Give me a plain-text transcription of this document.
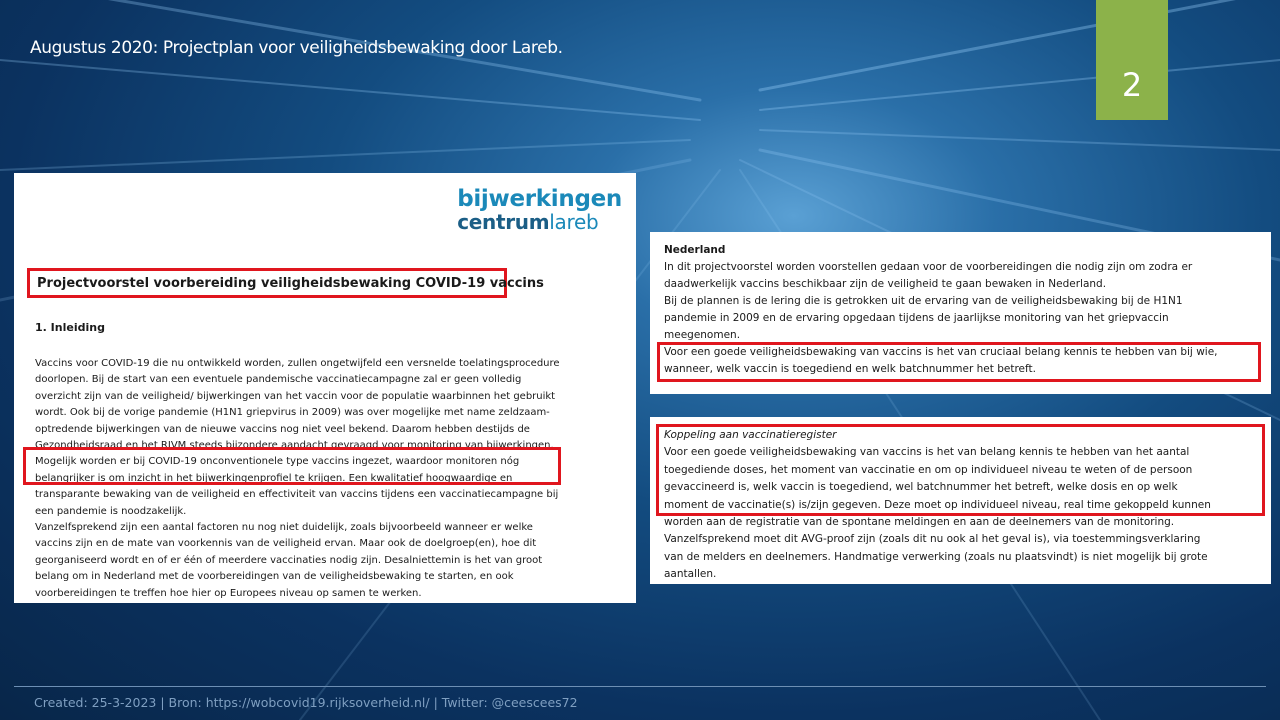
Augustus 2020: Projectplan voor veiligheidsbewaking door Lareb.
2
bijwerkingen
centrumlareb
Projectvoorstel voorbereiding veiligheidsbewaking COVID-19 vaccins
1. Inleiding

Vaccins voor COVID-19 die nu ontwikkeld worden, zullen ongetwijfeld een versnelde toelatingsprocedure

doorlopen. Bij de start van een eventuele pandemische vaccinatiecampagne zal er geen volledig

overzicht zijn van de veiligheid/ bijwerkingen van het vaccin voor de populatie waarbinnen het gebruikt

wordt. Ook bij de vorige pandemie (H1N1 griepvirus in 2009) was over mogelijke met name zeldzaam-

optredende bijwerkingen van de nieuwe vaccins nog niet veel bekend. Daarom hebben destijds de

Gezondheidsraad en het RIVM steeds bijzondere aandacht gevraagd voor monitoring van bijwerkingen.

Mogelijk worden er bij COVID-19 onconventionele type vaccins ingezet, waardoor monitoren nóg

belangrijker is om inzicht in het bijwerkingenprofiel te krijgen. Een kwalitatief hoogwaardige en

transparante bewaking van de veiligheid en effectiviteit van vaccins tijdens een vaccinatiecampagne bij

een pandemie is noodzakelijk.

Vanzelfsprekend zijn een aantal factoren nu nog niet duidelijk, zoals bijvoorbeeld wanneer er welke

vaccins zijn en de mate van voorkennis van de veiligheid ervan. Maar ook de doelgroep(en), hoe dit

georganiseerd wordt en of er één of meerdere vaccinaties nodig zijn. Desalniettemin is het van groot

belang om in Nederland met de voorbereidingen van de veiligheidsbewaking te starten, en ook

voorbereidingen te treffen hoe hier op Europees niveau op samen te werken.

Nederland

In dit projectvoorstel worden voorstellen gedaan voor de voorbereidingen die nodig zijn om zodra er

daadwerkelijk vaccins beschikbaar zijn de veiligheid te gaan bewaken in Nederland.

Bij de plannen is de lering die is getrokken uit de ervaring van de veiligheidsbewaking bij de H1N1

pandemie in 2009 en de ervaring opgedaan tijdens de jaarlijkse monitoring van het griepvaccin

meegenomen.

Voor een goede veiligheidsbewaking van vaccins is het van cruciaal belang kennis te hebben van bij wie,

wanneer, welk vaccin is toegediend en welk batchnummer het betreft.

Koppeling aan vaccinatieregister

Voor een goede veiligheidsbewaking van vaccins is het van belang kennis te hebben van het aantal

toegediende doses, het moment van vaccinatie en om op individueel niveau te weten of de persoon

gevaccineerd is, welk vaccin is toegediend, wel batchnummer het betreft, welke dosis en op welk

moment de vaccinatie(s) is/zijn gegeven. Deze moet op individueel niveau, real time gekoppeld kunnen

worden aan de registratie van de spontane meldingen en aan de deelnemers van de monitoring.

Vanzelfsprekend moet dit AVG-proof zijn (zoals dit nu ook al het geval is), via toestemmingsverklaring

van de melders en deelnemers. Handmatige verwerking (zoals nu plaatsvindt) is niet mogelijk bij grote

aantallen.

Created: 25-3-2023 | Bron: https://wobcovid19.rijksoverheid.nl/ | Twitter: @ceescees72
